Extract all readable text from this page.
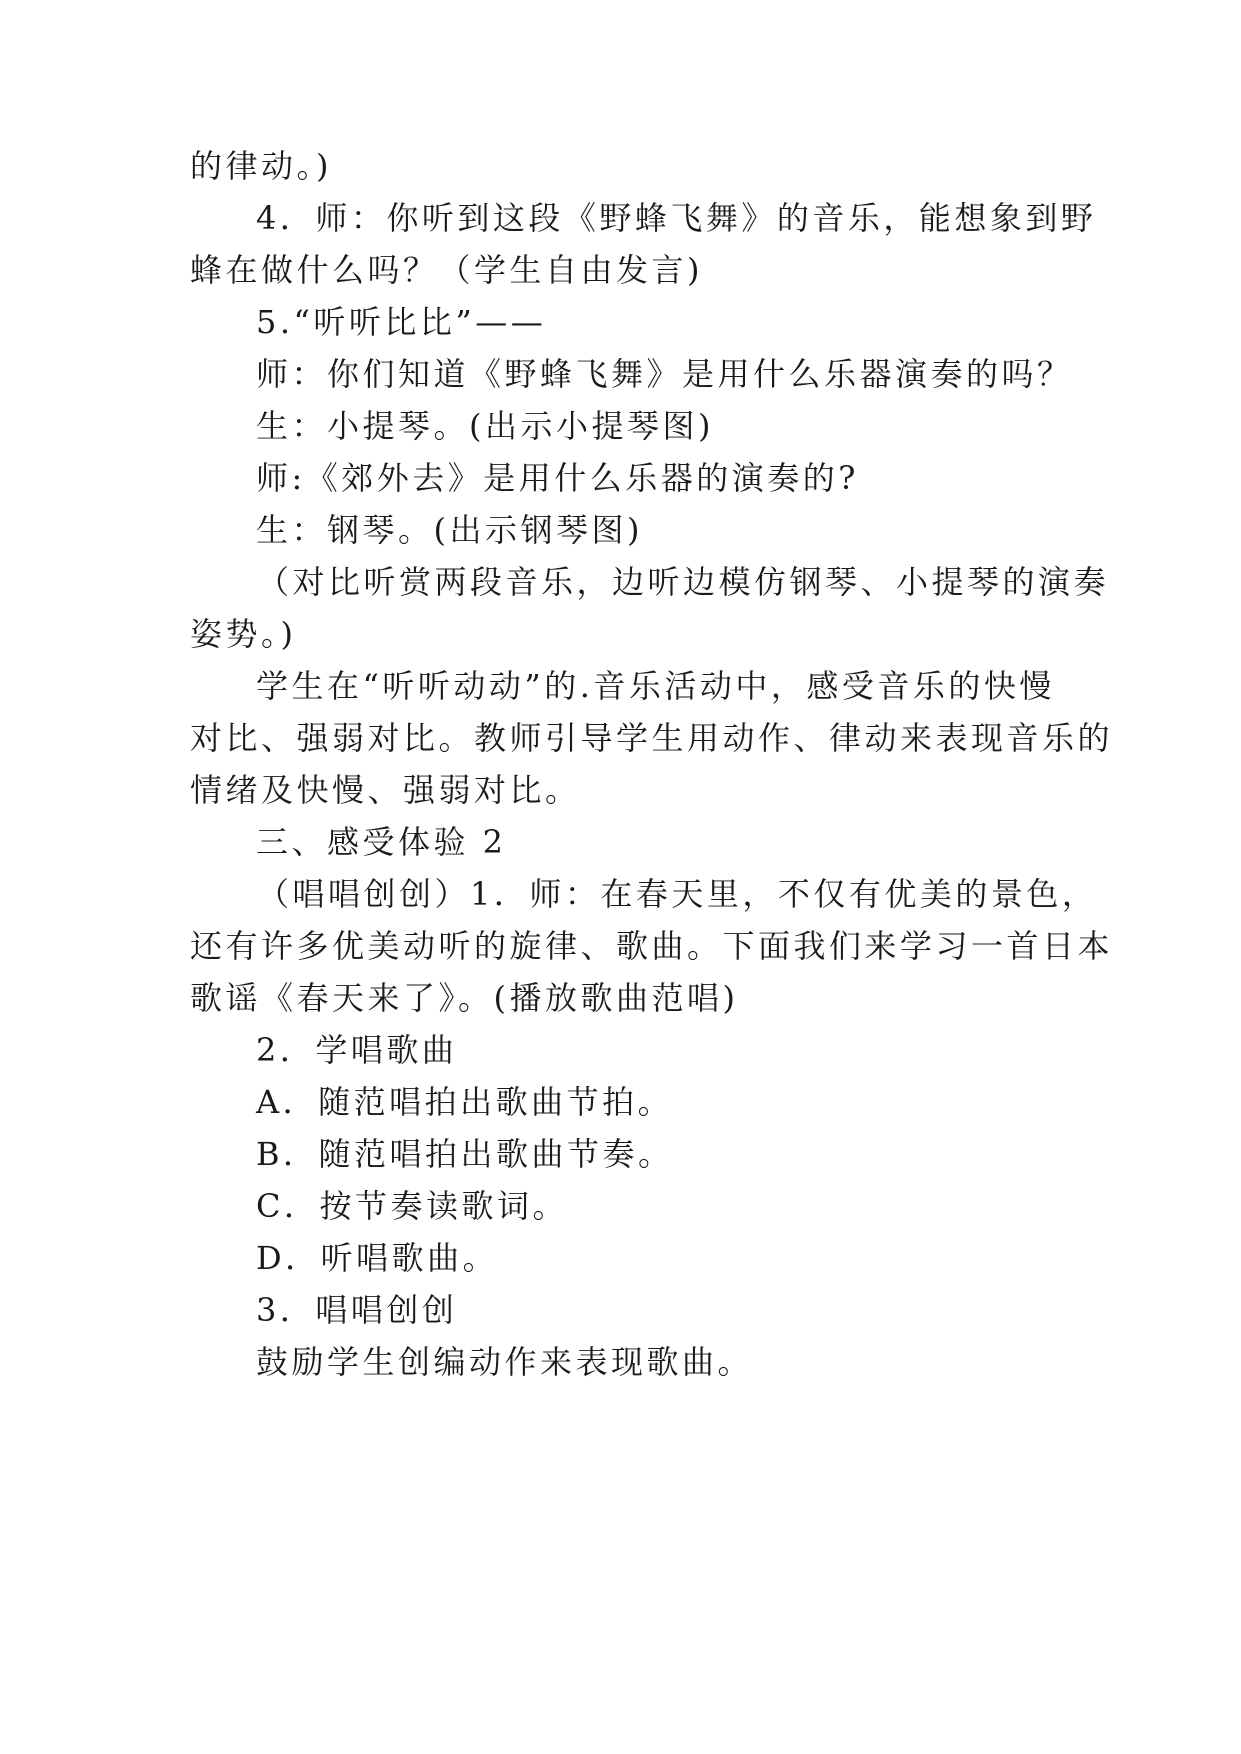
的律动。)

4．师：你听到这段《野蜂飞舞》的音乐，能想象到野

蜂在做什么吗？（学生自由发言)

5.“听听比比”——

师：你们知道《野蜂飞舞》是用什么乐器演奏的吗？

生：小提琴。(出示小提琴图)

师:《郊外去》是用什么乐器的演奏的?

生：钢琴。(出示钢琴图)

（对比听赏两段音乐，边听边模仿钢琴、小提琴的演奏

姿势。)

学生在“听听动动”的.音乐活动中，感受音乐的快慢

对比、强弱对比。教师引导学生用动作、律动来表现音乐的

情绪及快慢、强弱对比。

三、感受体验 2

（唱唱创创）1．师：在春天里，不仅有优美的景色，

还有许多优美动听的旋律、歌曲。下面我们来学习一首日本

歌谣《春天来了》。(播放歌曲范唱)

2．学唱歌曲

A．随范唱拍出歌曲节拍。

B．随范唱拍出歌曲节奏。

C．按节奏读歌词。

D．听唱歌曲。

3．唱唱创创

鼓励学生创编动作来表现歌曲。
